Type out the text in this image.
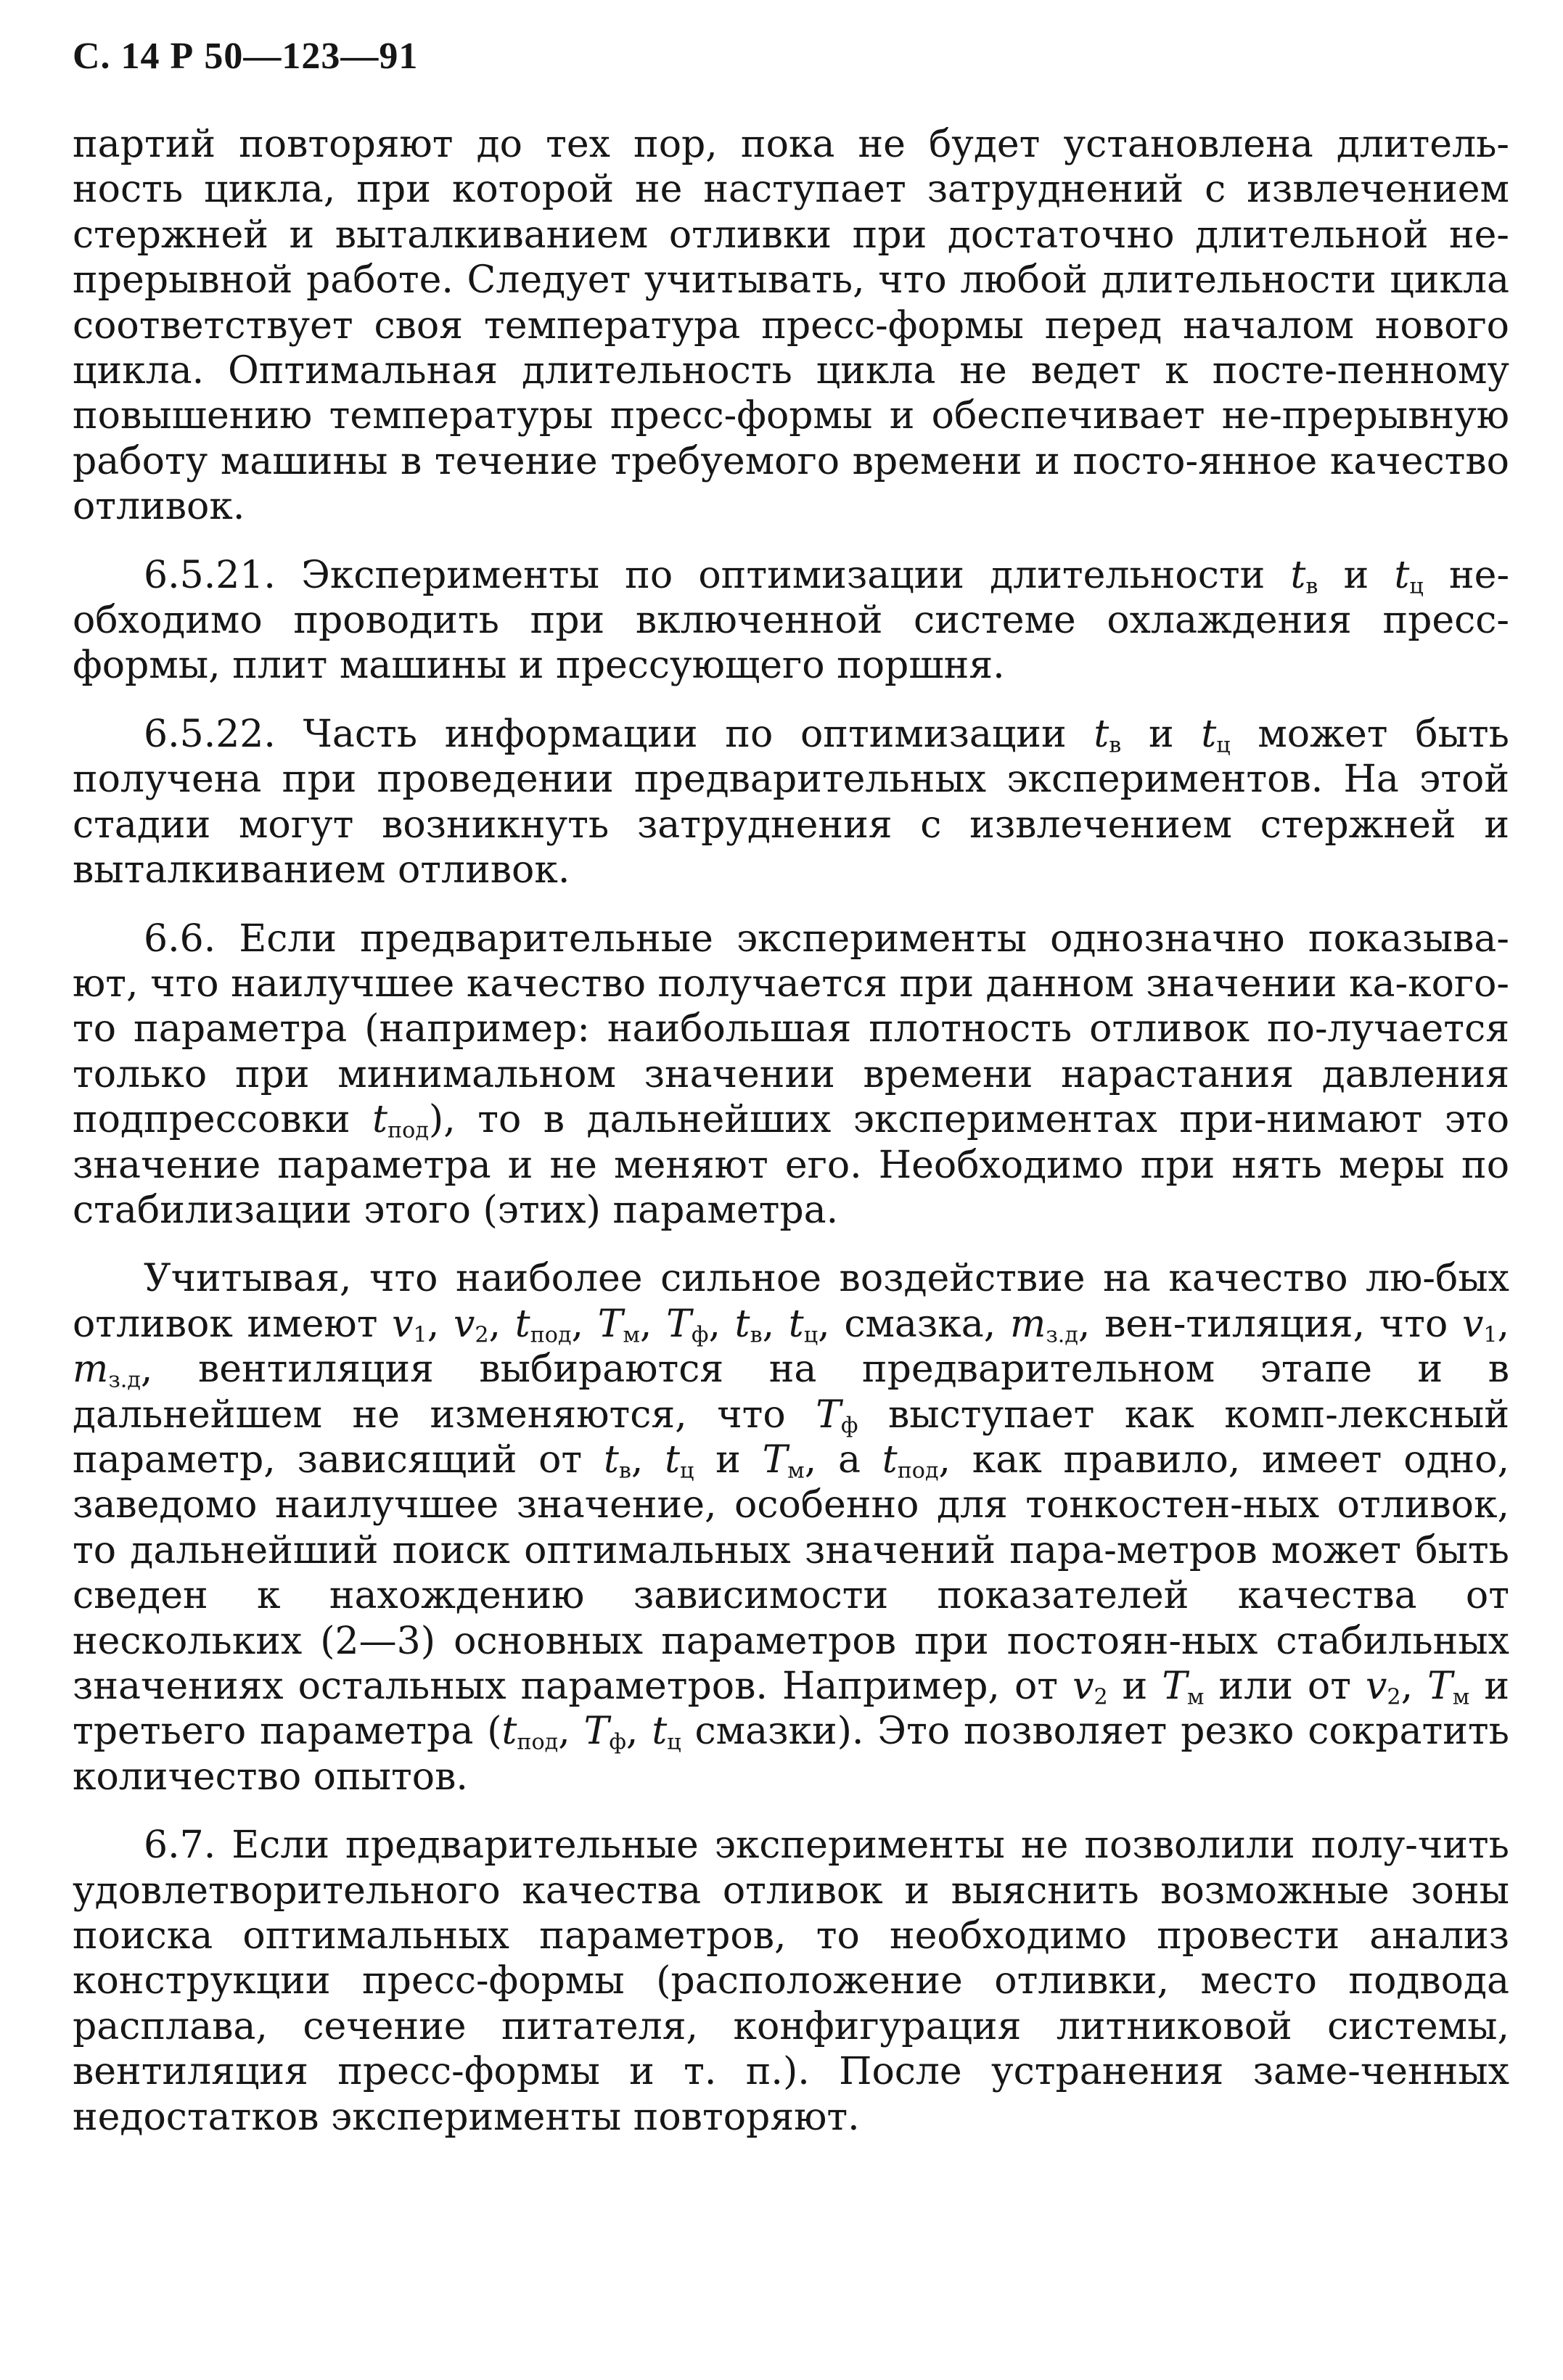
С. 14 Р 50—123—91

партий повторяют до тех пор, пока не будет установлена длитель-ность цикла, при которой не наступает затруднений с извлечением стержней и выталкиванием отливки при достаточно длительной не-прерывной работе. Следует учитывать, что любой длительности цикла соответствует своя температура пресс-формы перед началом нового цикла. Оптимальная длительность цикла не ведет к посте-пенному повышению температуры пресс-формы и обеспечивает не-прерывную работу машины в течение требуемого времени и посто-янное качество отливок.

6.5.21. Эксперименты по оптимизации длительности $t_в$ и $t_ц$ не-обходимо проводить при включенной системе охлаждения пресс-формы, плит машины и прессующего поршня.

6.5.22. Часть информации по оптимизации $t_в$ и $t_ц$ может быть получена при проведении предварительных экспериментов. На этой стадии могут возникнуть затруднения с извлечением стержней и выталкиванием отливок.

6.6. Если предварительные эксперименты однозначно показыва-ют, что наилучшее качество получается при данном значении ка-кого-то параметра (например: наибольшая плотность отливок по-лучается только при минимальном значении времени нарастания давления подпрессовки $t_{под}$), то в дальнейших экспериментах при-нимают это значение параметра и не меняют его. Необходимо при нять меры по стабилизации этого (этих) параметра.

Учитывая, что наиболее сильное воздействие на качество лю-бых отливок имеют $v_1$, $v_2$, $t_{под}$, $T_м$, $T_ф$, $t_в$, $t_ц$, смазка, $m_{з.д}$, вен-тиляция, что $v_1$, $m_{з.д}$, вентиляция выбираются на предварительном этапе и в дальнейшем не изменяются, что $T_ф$ выступает как комп-лексный параметр, зависящий от $t_в$, $t_ц$ и $T_м$, а $t_{под}$, как правило, имеет одно, заведомо наилучшее значение, особенно для тонкостен-ных отливок, то дальнейший поиск оптимальных значений пара-метров может быть сведен к нахождению зависимости показателей качества от нескольких (2—3) основных параметров при постоян-ных стабильных значениях остальных параметров. Например, от $v_2$ и $T_м$ или от $v_2$, $T_м$ и третьего параметра ($t_{под}$, $T_ф$, $t_ц$ смазки). Это позволяет резко сократить количество опытов.

6.7. Если предварительные эксперименты не позволили полу-чить удовлетворительного качества отливок и выяснить возможные зоны поиска оптимальных параметров, то необходимо провести анализ конструкции пресс-формы (расположение отливки, место подвода расплава, сечение питателя, конфигурация литниковой системы, вентиляция пресс-формы и т. п.). После устранения заме-ченных недостатков эксперименты повторяют.
